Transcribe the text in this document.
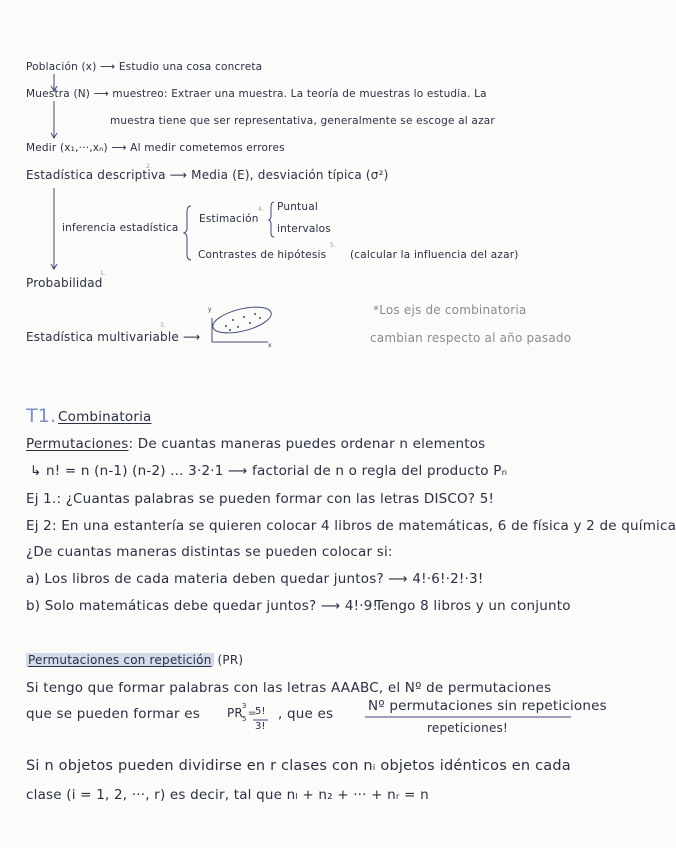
Población (x) ⟶ Estudio una cosa concreta
Muestra (N) ⟶ muestreo: Extraer una muestra. La teoría de muestras lo estudia. La
muestra tiene que ser representativa, generalmente se escoge al azar
Medir (x₁,···,xₙ) ⟶ Al medir cometemos errores
Estadística descriptiva ⟶ Media (E), desviación típica (σ²)
2.
inferencia estadística
Estimación
4. Puntual
intervalos
Contrastes de hipótesis
5.
(calcular la influencia del azar)
Probabilidad
1.
Estadística multivariable ⟶
3.
y
x
*Los ejs de combinatoria
cambian respecto al año pasado
T1. Combinatoria
Permutaciones: De cuantas maneras puedes ordenar n elementos
↳ n! = n (n-1) (n-2) ... 3·2·1 ⟶ factorial de n o regla del producto Pₙ
Ej 1.: ¿Cuantas palabras se pueden formar con las letras DISCO? 5!
Ej 2: En una estantería se quieren colocar 4 libros de matemáticas, 6 de física y 2 de química
¿De cuantas maneras distintas se pueden colocar si:
a) Los libros de cada materia deben quedar juntos? ⟶ 4!·6!·2!·3!
b) Solo matemáticas debe quedar juntos? ⟶ 4!·9!
Tengo 8 libros y un conjunto
Permutaciones con repetición (PR)
Si tengo que formar palabras con las letras AAABC, el Nº de permutaciones
que se pueden formar es PR 3
5 =
5!
3!
, que es	Nº permutaciones sin repeticiones
repeticiones!
Si n objetos pueden dividirse en r clases con nᵢ objetos idénticos en cada
clase (i = 1, 2, ···, r) es decir, tal que nₗ + n₂ + ··· + nᵣ = n
